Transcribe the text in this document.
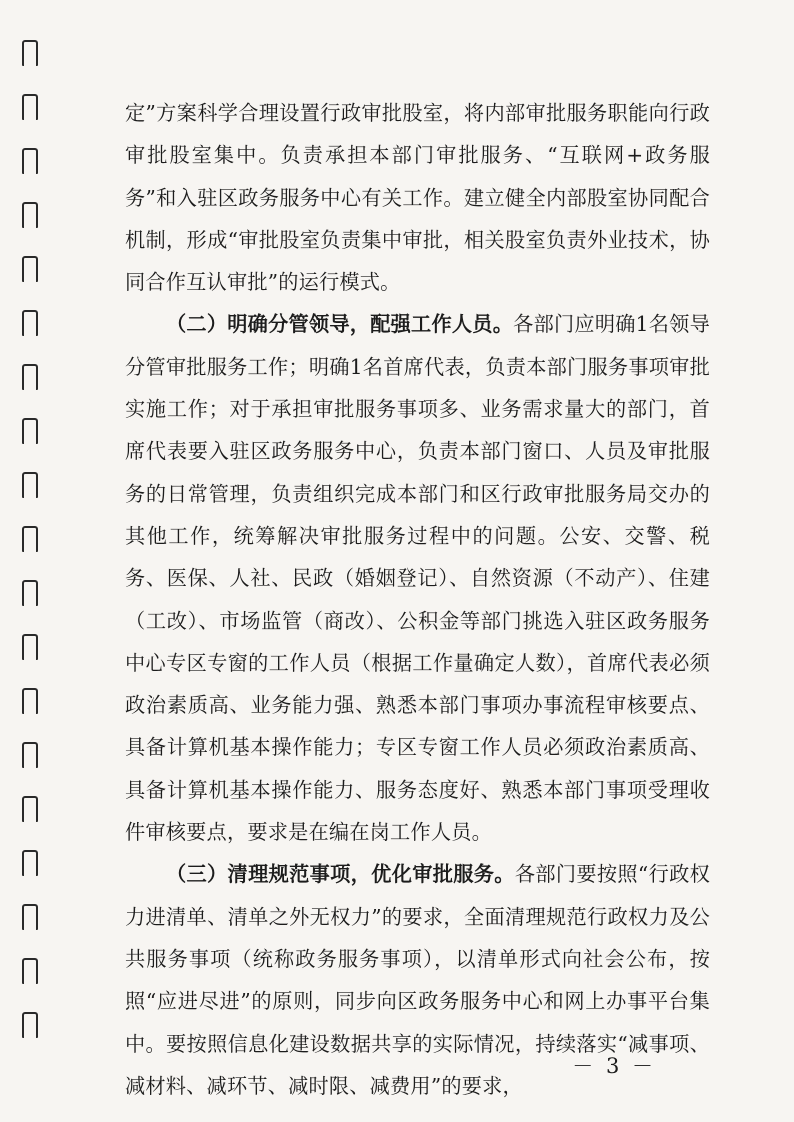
定”方案科学合理设置行政审批股室，将内部审批服务职能向行政审批股室集中。负责承担本部门审批服务、“互联网+政务服务”和入驻区政务服务中心有关工作。建立健全内部股室协同配合机制，形成“审批股室负责集中审批，相关股室负责外业技术，协同合作互认审批”的运行模式。

（二）明确分管领导，配强工作人员。各部门应明确1名领导分管审批服务工作；明确1名首席代表，负责本部门服务事项审批实施工作；对于承担审批服务事项多、业务需求量大的部门，首席代表要入驻区政务服务中心，负责本部门窗口、人员及审批服务的日常管理，负责组织完成本部门和区行政审批服务局交办的其他工作，统筹解决审批服务过程中的问题。公安、交警、税务、医保、人社、民政（婚姻登记）、自然资源（不动产）、住建（工改）、市场监管（商改）、公积金等部门挑选入驻区政务服务中心专区专窗的工作人员（根据工作量确定人数），首席代表必须政治素质高、业务能力强、熟悉本部门事项办事流程审核要点、具备计算机基本操作能力；专区专窗工作人员必须政治素质高、具备计算机基本操作能力、服务态度好、熟悉本部门事项受理收件审核要点，要求是在编在岗工作人员。

（三）清理规范事项，优化审批服务。各部门要按照“行政权力进清单、清单之外无权力”的要求，全面清理规范行政权力及公共服务事项（统称政务服务事项），以清单形式向社会公布，按照“应进尽进”的原则，同步向区政务服务中心和网上办事平台集中。要按照信息化建设数据共享的实际情况，持续落实“减事项、减材料、减环节、减时限、减费用”的要求，

－ 3 －
